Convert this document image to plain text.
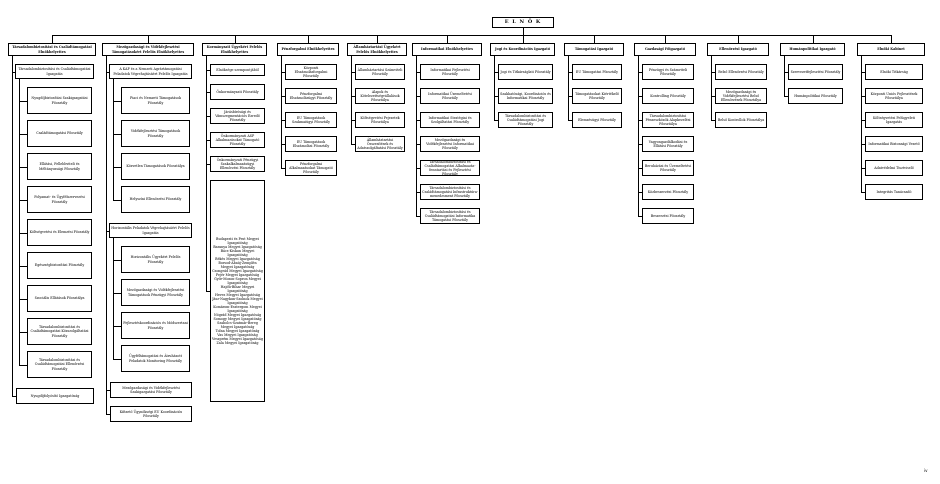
E L N Ö K
Társadalombiztosítási és Családtámogatási Elnökhelyettes
Társadalombiztosítási és Családtámogatási Igazgatás
Nyugdíjbiztosítási Szakigazgatási Főosztály
Családtámogatási Főosztály
Ellátási, Fellebbviteli és Méltányossági Főosztály
Folyamat- és Ügyfélszervezési Főosztály
Költségvetési és Elemzési Főosztály
Egészségbiztosítási Főosztály
Szociális Ellátások Főosztálya
Társadalombiztosítási és Családtámogatási Közszolgáltatási Főosztály
Társadalombiztosítási és Családtámogatási Ellenőrzési Főosztály
Nyugdíjfolyósító Igazgatóság
Mezőgazdasági és Vidékfejlesztési Támogatásokért Felelős Elnökhelyettes
A KAP és a Nemzeti Agrártámogatási Feladatok Végrehajtásáért Felelős Igazgatás
Piaci és Nemzeti Támogatások Főosztály
Vidékfejlesztési Támogatások Főosztály
Közvetlen Támogatások Főosztálya
Helyszíni Ellenőrzési Főosztály
Horizontális Feladatok Végrehajtásáért Felelős Igazgatás
Horizontális Ügyekért Felelős Főosztály
Mezőgazdasági és Vidékfejlesztési Támogatások Pénzügyi Főosztály
Fejlesztéskoordinációs és Módszertani Főosztály
Ügyféltámogatási és Átruházott Feladatok Monitoring Főosztály
Mezőgazdasági és Vidékfejlesztési Szakigazgatási Főosztály
Kifizető Ügynökségi EU Koordinációs Főosztály
Kormányzati Ügyekért Felelős Elnökhelyettes
Elnöksége szempontjából
Önkormányzati Főosztály
Járásbírósági és Vámszegmentációs Ezredő Főosztály
Önkormányzati ASP Alkalmazásokat Támogató Főosztály
Önkormányzati Pénzügyi Szakalkalmazásügyi Ellenőrzési Főosztály
Budapesti és Pest Megyei Igazgatóság
Baranya Megyei Igazgatóság
Bács-Kiskun Megyei Igazgatóság
Békés Megyei Igazgatóság
Borsod-Abaúj-Zemplén Megyei Igazgatóság
Csongrád Megyei Igazgatóság
Fejér Megyei Igazgatóság
Győr-Moson-Sopron Megyei Igazgatóság
Hajdú-Bihar Megyei Igazgatóság
Heves Megyei Igazgatóság
Jász-Nagykun-Szolnok Megyei Igazgatóság
Komárom-Esztergom Megyei Igazgatóság
Nógrád Megyei Igazgatóság
Somogy Megyei Igazgatóság
Szabolcs-Szatmár-Bereg Megyei Igazgatóság
Tolna Megyei Igazgatóság
Vas Megyei Igazgatóság
Veszprém Megyei Igazgatóság
Zala Megyei Igazgatóság
Pénzforgalmi Elnökhelyettes
Központi Elszámolásforgalmi Főosztály
Pénzforgalmi Elszámolásügyi Főosztály
EU Támogatások Szakmaiügyi Főosztály
EU Támogatások Elszámolási Főosztály
Pénzforgalmi Alkalmazásokat Támogató Főosztály
Államháztartási Ügyekért Felelős Elnökhelyettes
Államháztartási Számviteli Főosztály
Alapok és Kötelezettségvállalások Főosztálya
Költségvetési Fejezetek Főosztálya
Államháztartási Összesítések és Adatszolgáltatási Főosztály
Informatikai Elnökhelyettes
Informatikai Fejlesztési Főosztály
Informatikai Üzemeltetési Főosztály
Informatikai Stratégiai és Szolgáltatási Főosztály
Mezőgazdasági és Vidékfejlesztési Informatikai Főosztály
Társadalombiztosítási és Családtámogatási Alkalmazás-fenntartási és Fejlesztési Főosztály
Társadalombiztosítási és Családtámogatási Infrastruktúra-menedzsment Főosztály
Társadalombiztosítási és Családtámogatási Informatika Támogatási Főosztály
Jogi és Koordinációs Igazgató
Jogi és Titkárságlati Főosztály
Szakhatósági, Koordinációs és Informatikai Főosztály
Társadalombiztosítási és Családtámogatási Jogi Főosztály
Támogatási Igazgató
EU Támogatási Főosztály
Támogatásokat Kiértékelő Főosztály
Elemzésügyi Főosztály
Gazdasági Főigazgató
Pénzügyi és Számviteli Főosztály
Kontrolling Főosztály
Társadalombiztosítási Pénzeszközök Alapkezelési Főosztálya
Vagyongazdálkodási és Ellátási Főosztály
Beruházási és Üzemeltetési Főosztály
Közbeszerzési Főosztály
Beszerzési Főosztály
Ellenőrzési Igazgató
Belső Ellenőrzési Főosztály
Mezőgazdasági és Vidékfejlesztési Belső Ellenőrzések Főosztálya
Belső Kontrollok Főosztálya
Humánpolitikai Igazgató
Szervezetfejlesztési Főosztály
Humánpolitikai Főosztály
Elnöki Kabinet
Elnöki Titkárság
Központi Uniós Fejlesztések Főosztálya
Költségvetési Felügyeleti Igazgatás
Informatikai Biztonsági Vezető
Adatvédelmi Tisztviselő
Integritás Tanácsadó
iv
